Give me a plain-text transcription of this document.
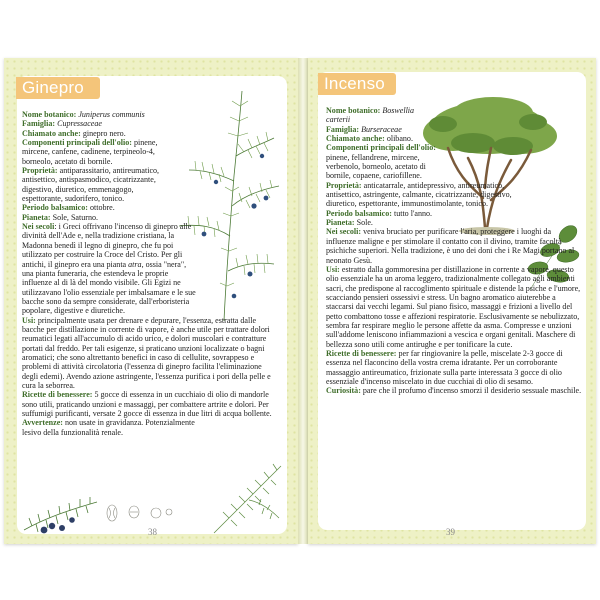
Ginepro

Nome botanico: Juniperus communis

Famiglia: Cupressaceae

Chiamato anche: ginepro nero.

Componenti principali dell'olio: pinene, mircene, canfene, cadinene, terpineolo-4, borneolo, acetato di bornile.

Proprietà: antiparassitario, antireumatico, antisettico, antispasmodico, cicatrizzante, digestivo, diuretico, emmenagogo, espettorante, sudorifero, tonico.

Periodo balsamico: ottobre.

Pianeta: Sole, Saturno.

Nei secoli: i Greci offrivano l'incenso di ginepro alle divinità dell'Ade e, nella tradizione cristiana, la Madonna benedì il legno di ginepro, che fu poi utilizzato per costruire la Croce del Cristo. Per gli antichi, il ginepro era una pianta atra, ossia "nera", una pianta funeraria, che estendeva le proprie influenze al di là del mondo visibile. Gli Egizi ne utilizzavano l'olio essenziale per imbalsamare e le sue bacche sono da sempre considerate, dall'erboristeria popolare, digestive e diuretiche.

Usi: principalmente usata per drenare e depurare, l'essenza, estratta dalle bacche per distillazione in corrente di vapore, è anche utile per trattare dolori reumatici legati all'accumulo di acido urico, e dolori muscolari e contratture portati dal freddo. Per tali esigenze, si praticano unzioni localizzate o bagni aromatici; che sono altrettanto benefici in caso di cellulite, sovrappeso e problemi di attività circolatoria (l'essenza di ginepro facilita l'eliminazione degli edemi). Avendo azione astringente, l'essenza purifica i pori della pelle e cura la seborrea.

Ricette di benessere: 5 gocce di essenza in un cucchiaio di olio di mandorle sono utili, praticando unzioni e massaggi, per combattere artrite e dolori. Per suffumigi purificanti, versate 2 gocce di essenza in due litri di acqua bollente.

Avvertenze: non usate in gravidanza. Potenzialmente lesivo della funzionalità renale.

38
Incenso

Nome botanico: Boswellia carterii

Famiglia: Burseraceae

Chiamato anche: olibano.

Componenti principali dell'olio: pinene, fellandrene, mircene, verbenolo, borneolo, acetato di bornile, copaene, cariofillene.

Proprietà: anticatarrale, antidepressivo, antireumatico, antisettico, astringente, calmante, cicatrizzante, digestivo, diuretico, espettorante, immunostimolante, tonico.

Periodo balsamico: tutto l'anno.

Pianeta: Sole.

Nei secoli: veniva bruciato per purificare l'aria, proteggere i luoghi da influenze maligne e per stimolare il contatto con il divino, tramite facoltà psichiche superiori. Nella tradizione, è uno dei doni che i Re Magi portano al neonato Gesù.

Usi: estratto dalla gommoresina per distillazione in corrente a vapore, questo olio essenziale ha un aroma leggero, tradizionalmente collegato agli ambienti sacri, che predispone al raccoglimento spirituale e distende la psiche e l'umore, scacciando pensieri ossessivi e stress. Un bagno aromatico aiuterebbe a staccarsi dai vecchi legami. Sul piano fisico, massaggi e frizioni a livello del petto combattono tosse e affezioni respiratorie. Esclusivamente se nebulizzato, sembra far respirare meglio le persone affette da asma. Compresse e unzioni sull'addome leniscono infiammazioni a vescica e organi genitali. Maschere di bellezza sono utili come antirughe e per tonificare la cute.

Ricette di benessere: per far ringiovanire la pelle, miscelate 2-3 gocce di essenza nel flaconcino della vostra crema idratante. Per un corroborante massaggio antireumatico, frizionate sulla parte interessata 3 gocce di olio essenziale d'incenso miscelato in due cucchiai di olio di sesamo.

Curiosità: pare che il profumo d'incenso smorzi il desiderio sessuale maschile.

39
